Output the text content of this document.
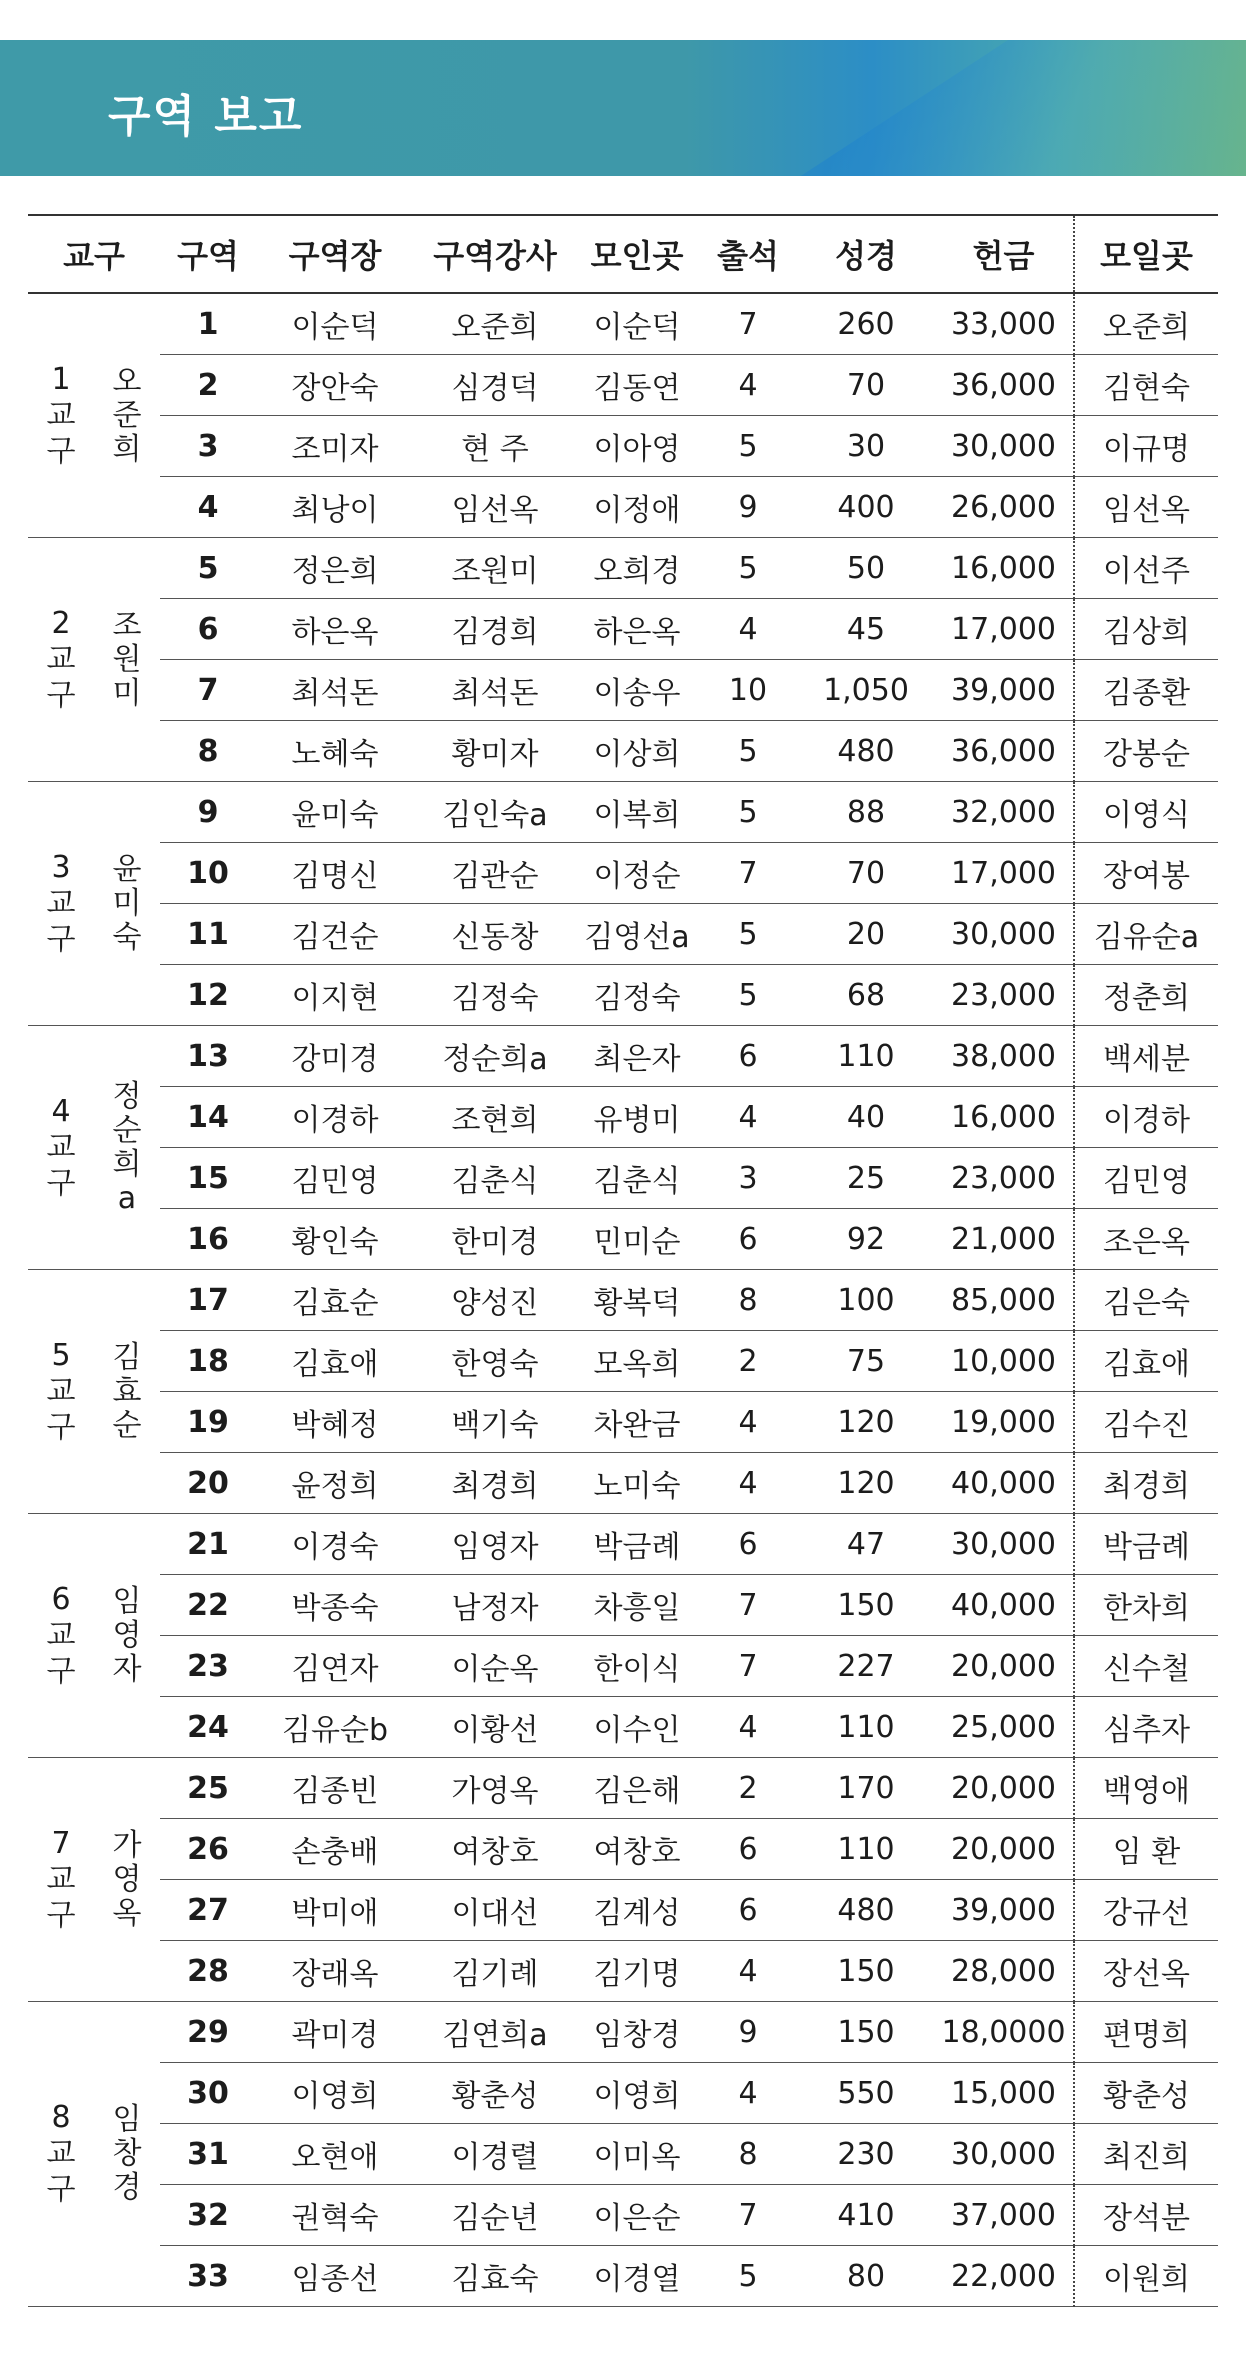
구역 보고
교구		구역	구역장	구역강사	모인곳	출석	성경	헌금	모일곳
1교구	오준희	1	이순덕	오준희	이순덕	7	260	33,000	오준희
		2	장안숙	심경덕	김동연	4	70	36,000	김현숙
		3	조미자	현 주	이아영	5	30	30,000	이규명
		4	최낭이	임선옥	이정애	9	400	26,000	임선옥
2교구	조원미	5	정은희	조원미	오희경	5	50	16,000	이선주
		6	하은옥	김경희	하은옥	4	45	17,000	김상희
		7	최석돈	최석돈	이송우	10	1,050	39,000	김종환
		8	노혜숙	황미자	이상희	5	480	36,000	강봉순
3교구	윤미숙	9	윤미숙	김인숙a	이복희	5	88	32,000	이영식
		10	김명신	김관순	이정순	7	70	17,000	장여봉
		11	김건순	신동창	김영선a	5	20	30,000	김유순a
		12	이지현	김정숙	김정숙	5	68	23,000	정춘희
4교구	정순희a	13	강미경	정순희a	최은자	6	110	38,000	백세분
		14	이경하	조현희	유병미	4	40	16,000	이경하
		15	김민영	김춘식	김춘식	3	25	23,000	김민영
		16	황인숙	한미경	민미순	6	92	21,000	조은옥
5교구	김효순	17	김효순	양성진	황복덕	8	100	85,000	김은숙
		18	김효애	한영숙	모옥희	2	75	10,000	김효애
		19	박혜정	백기숙	차완금	4	120	19,000	김수진
		20	윤정희	최경희	노미숙	4	120	40,000	최경희
6교구	임영자	21	이경숙	임영자	박금례	6	47	30,000	박금례
		22	박종숙	남정자	차흥일	7	150	40,000	한차희
		23	김연자	이순옥	한이식	7	227	20,000	신수철
		24	김유순b	이황선	이수인	4	110	25,000	심추자
7교구	가영옥	25	김종빈	가영옥	김은해	2	170	20,000	백영애
		26	손충배	여창호	여창호	6	110	20,000	임 환
		27	박미애	이대선	김계성	6	480	39,000	강규선
		28	장래옥	김기례	김기명	4	150	28,000	장선옥
8교구	임창경	29	곽미경	김연희a	임창경	9	150	18,0000	편명희
		30	이영희	황춘성	이영희	4	550	15,000	황춘성
		31	오현애	이경렬	이미옥	8	230	30,000	최진희
		32	권혁숙	김순년	이은순	7	410	37,000	장석분
		33	임종선	김효숙	이경열	5	80	22,000	이원희
